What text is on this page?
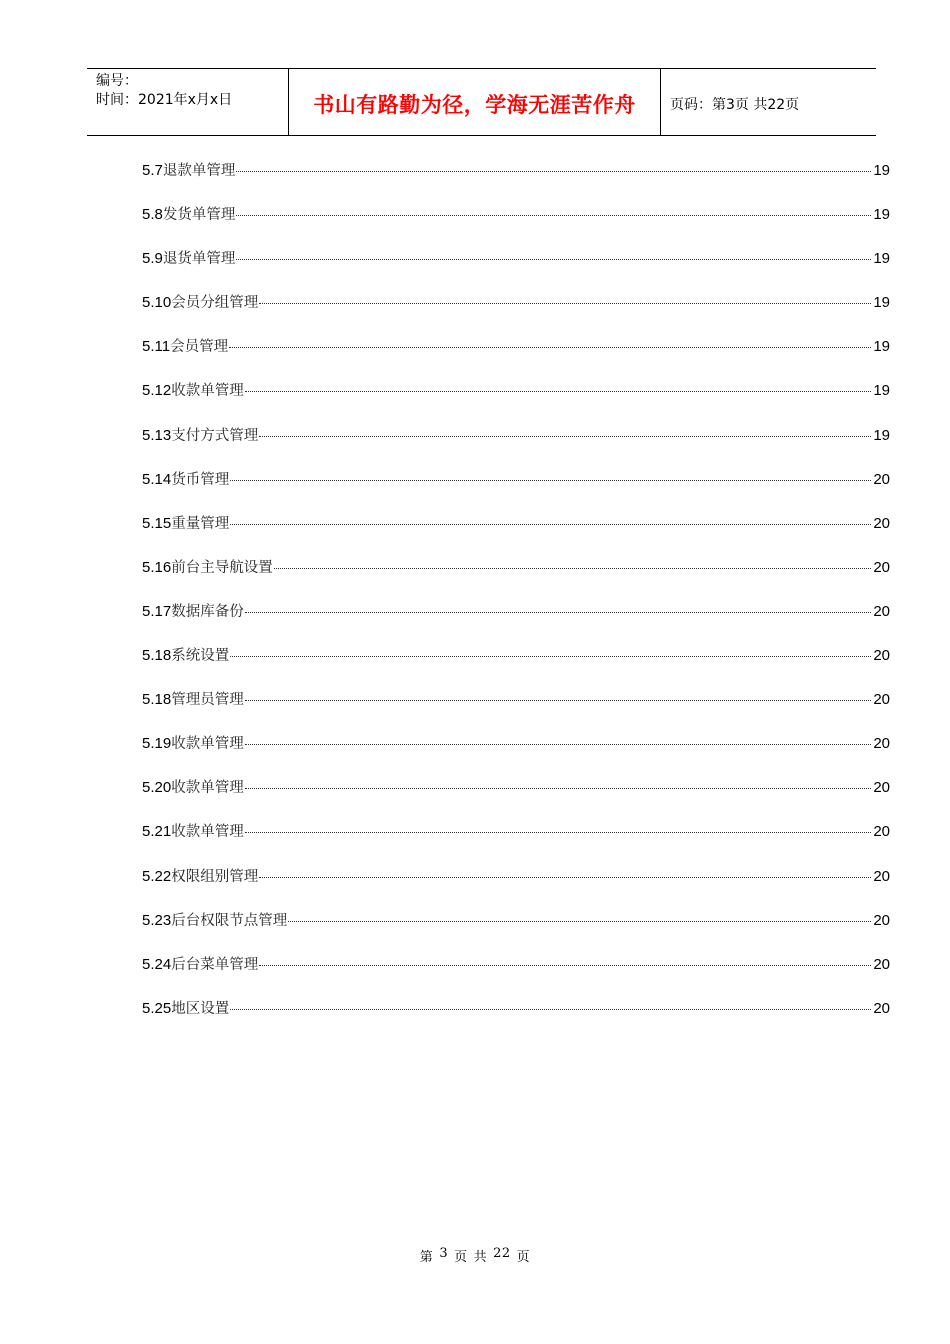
编号：
时间：2021年x月x日	书山有路勤为径，学海无涯苦作舟 页码：第3页 共22页
5.7 退款单管理	19
5.8 发货单管理	19
5.9 退货单管理	19
5.10 会员分组管理	19
5.11 会员管理	19
5.12 收款单管理	19
5.13 支付方式管理	19
5.14 货币管理	20
5.15 重量管理	20
5.16 前台主导航设置	20
5.17 数据库备份	20
5.18 系统设置	20
5.18 管理员管理	20
5.19 收款单管理	20
5.20 收款单管理	20
5.21 收款单管理	20
5.22 权限组别管理	20
5.23 后台权限节点管理	20
5.24 后台菜单管理	20
5.25 地区设置	20
第 3 页 共 22 页
